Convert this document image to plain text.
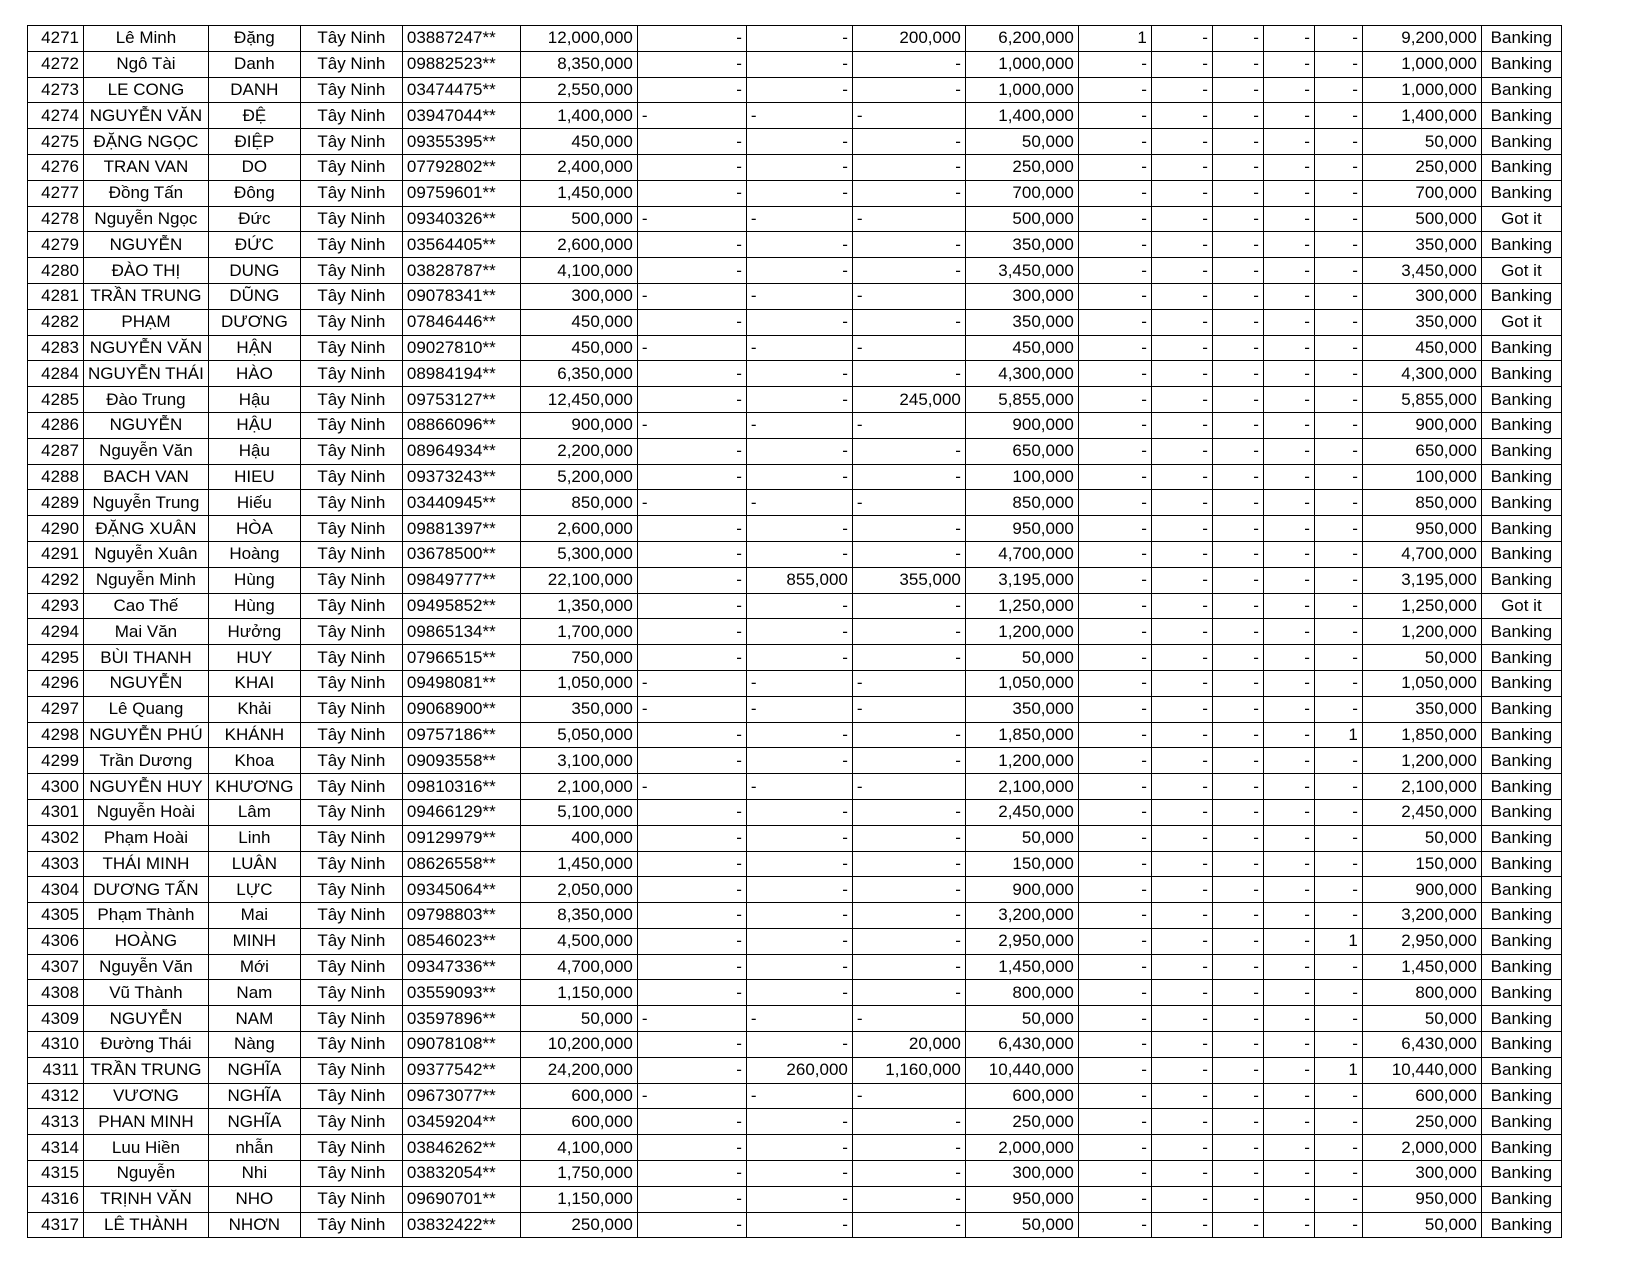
4271	Lê Minh	Đặng	Tây Ninh	03887247**	12,000,000	-	-	200,000	6,200,000	1	-	-	-	-	9,200,000	Banking
4272	Ngô Tài	Danh	Tây Ninh	09882523**	8,350,000	-	-	-	1,000,000	-	-	-	-	-	1,000,000	Banking
4273	LE CONG	DANH	Tây Ninh	03474475**	2,550,000	-	-	-	1,000,000	-	-	-	-	-	1,000,000	Banking
4274	NGUYỄN VĂN	ĐỆ	Tây Ninh	03947044**	1,400,000	-	-	-	1,400,000	-	-	-	-	-	1,400,000	Banking
4275	ĐẶNG NGỌC	ĐIỆP	Tây Ninh	09355395**	450,000	-	-	-	50,000	-	-	-	-	-	50,000	Banking
4276	TRAN VAN	DO	Tây Ninh	07792802**	2,400,000	-	-	-	250,000	-	-	-	-	-	250,000	Banking
4277	Đồng Tấn	Đông	Tây Ninh	09759601**	1,450,000	-	-	-	700,000	-	-	-	-	-	700,000	Banking
4278	Nguyễn Ngọc	Đức	Tây Ninh	09340326**	500,000	-	-	-	500,000	-	-	-	-	-	500,000	Got it
4279	NGUYỄN	ĐỨC	Tây Ninh	03564405**	2,600,000	-	-	-	350,000	-	-	-	-	-	350,000	Banking
4280	ĐÀO THỊ	DUNG	Tây Ninh	03828787**	4,100,000	-	-	-	3,450,000	-	-	-	-	-	3,450,000	Got it
4281	TRẦN TRUNG	DŨNG	Tây Ninh	09078341**	300,000	-	-	-	300,000	-	-	-	-	-	300,000	Banking
4282	PHẠM	DƯƠNG	Tây Ninh	07846446**	450,000	-	-	-	350,000	-	-	-	-	-	350,000	Got it
4283	NGUYỄN VĂN	HẬN	Tây Ninh	09027810**	450,000	-	-	-	450,000	-	-	-	-	-	450,000	Banking
4284	NGUYỄN THÁI	HÀO	Tây Ninh	08984194**	6,350,000	-	-	-	4,300,000	-	-	-	-	-	4,300,000	Banking
4285	Đào Trung	Hậu	Tây Ninh	09753127**	12,450,000	-	-	245,000	5,855,000	-	-	-	-	-	5,855,000	Banking
4286	NGUYỄN	HẬU	Tây Ninh	08866096**	900,000	-	-	-	900,000	-	-	-	-	-	900,000	Banking
4287	Nguyễn Văn	Hậu	Tây Ninh	08964934**	2,200,000	-	-	-	650,000	-	-	-	-	-	650,000	Banking
4288	BACH VAN	HIEU	Tây Ninh	09373243**	5,200,000	-	-	-	100,000	-	-	-	-	-	100,000	Banking
4289	Nguyễn Trung	Hiếu	Tây Ninh	03440945**	850,000	-	-	-	850,000	-	-	-	-	-	850,000	Banking
4290	ĐẶNG XUÂN	HÒA	Tây Ninh	09881397**	2,600,000	-	-	-	950,000	-	-	-	-	-	950,000	Banking
4291	Nguyễn Xuân	Hoàng	Tây Ninh	03678500**	5,300,000	-	-	-	4,700,000	-	-	-	-	-	4,700,000	Banking
4292	Nguyễn Minh	Hùng	Tây Ninh	09849777**	22,100,000	-	855,000	355,000	3,195,000	-	-	-	-	-	3,195,000	Banking
4293	Cao Thế	Hùng	Tây Ninh	09495852**	1,350,000	-	-	-	1,250,000	-	-	-	-	-	1,250,000	Got it
4294	Mai Văn	Hưởng	Tây Ninh	09865134**	1,700,000	-	-	-	1,200,000	-	-	-	-	-	1,200,000	Banking
4295	BÙI THANH	HUY	Tây Ninh	07966515**	750,000	-	-	-	50,000	-	-	-	-	-	50,000	Banking
4296	NGUYỄN	KHAI	Tây Ninh	09498081**	1,050,000	-	-	-	1,050,000	-	-	-	-	-	1,050,000	Banking
4297	Lê Quang	Khải	Tây Ninh	09068900**	350,000	-	-	-	350,000	-	-	-	-	-	350,000	Banking
4298	NGUYỄN PHÚ	KHÁNH	Tây Ninh	09757186**	5,050,000	-	-	-	1,850,000	-	-	-	-	1	1,850,000	Banking
4299	Trần Dương	Khoa	Tây Ninh	09093558**	3,100,000	-	-	-	1,200,000	-	-	-	-	-	1,200,000	Banking
4300	NGUYỄN HUY	KHƯƠNG	Tây Ninh	09810316**	2,100,000	-	-	-	2,100,000	-	-	-	-	-	2,100,000	Banking
4301	Nguyễn Hoài	Lâm	Tây Ninh	09466129**	5,100,000	-	-	-	2,450,000	-	-	-	-	-	2,450,000	Banking
4302	Phạm Hoài	Linh	Tây Ninh	09129979**	400,000	-	-	-	50,000	-	-	-	-	-	50,000	Banking
4303	THÁI MINH	LUÂN	Tây Ninh	08626558**	1,450,000	-	-	-	150,000	-	-	-	-	-	150,000	Banking
4304	DƯƠNG TẤN	LỰC	Tây Ninh	09345064**	2,050,000	-	-	-	900,000	-	-	-	-	-	900,000	Banking
4305	Phạm Thành	Mai	Tây Ninh	09798803**	8,350,000	-	-	-	3,200,000	-	-	-	-	-	3,200,000	Banking
4306	HOÀNG	MINH	Tây Ninh	08546023**	4,500,000	-	-	-	2,950,000	-	-	-	-	1	2,950,000	Banking
4307	Nguyễn Văn	Mới	Tây Ninh	09347336**	4,700,000	-	-	-	1,450,000	-	-	-	-	-	1,450,000	Banking
4308	Vũ Thành	Nam	Tây Ninh	03559093**	1,150,000	-	-	-	800,000	-	-	-	-	-	800,000	Banking
4309	NGUYỄN	NAM	Tây Ninh	03597896**	50,000	-	-	-	50,000	-	-	-	-	-	50,000	Banking
4310	Đường Thái	Nàng	Tây Ninh	09078108**	10,200,000	-	-	20,000	6,430,000	-	-	-	-	-	6,430,000	Banking
4311	TRẦN TRUNG	NGHĨA	Tây Ninh	09377542**	24,200,000	-	260,000	1,160,000	10,440,000	-	-	-	-	1	10,440,000	Banking
4312	VƯƠNG	NGHĨA	Tây Ninh	09673077**	600,000	-	-	-	600,000	-	-	-	-	-	600,000	Banking
4313	PHAN MINH	NGHĨA	Tây Ninh	03459204**	600,000	-	-	-	250,000	-	-	-	-	-	250,000	Banking
4314	Luu Hiền	nhẫn	Tây Ninh	03846262**	4,100,000	-	-	-	2,000,000	-	-	-	-	-	2,000,000	Banking
4315	Nguyễn	Nhi	Tây Ninh	03832054**	1,750,000	-	-	-	300,000	-	-	-	-	-	300,000	Banking
4316	TRỊNH VĂN	NHO	Tây Ninh	09690701**	1,150,000	-	-	-	950,000	-	-	-	-	-	950,000	Banking
4317	LÊ THÀNH	NHƠN	Tây Ninh	03832422**	250,000	-	-	-	50,000	-	-	-	-	-	50,000	Banking
